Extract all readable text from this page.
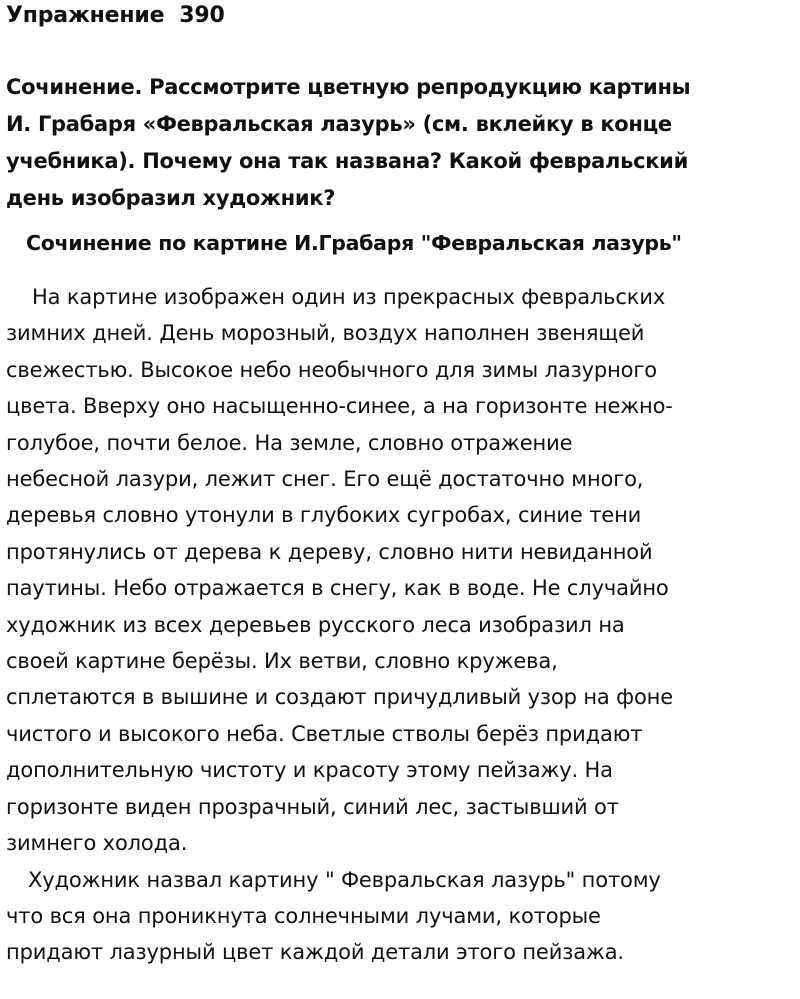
Упражнение  390
Сочинение. Рассмотрите цветную репродукцию картины
И. Грабаря «Февральская лазурь» (см. вклейку в конце
учебника). Почему она так названа? Какой февральский
день изобразил художник?
Сочинение по картине И.Грабаря "Февральская лазурь"
На картине изображен один из прекрасных февральских
зимних дней. День морозный, воздух наполнен звенящей
свежестью. Высокое небо необычного для зимы лазурного
цвета. Вверху оно насыщенно-синее, а на горизонте нежно-
голубое, почти белое. На земле, словно отражение
небесной лазури, лежит снег. Его ещё достаточно много,
деревья словно утонули в глубоких сугробах, синие тени
протянулись от дерева к дереву, словно нити невиданной
паутины. Небо отражается в снегу, как в воде. Не случайно
художник из всех деревьев русского леса изобразил на
своей картине берёзы. Их ветви, словно кружева,
сплетаются в вышине и создают причудливый узор на фоне
чистого и высокого неба. Светлые стволы берёз придают
дополнительную чистоту и красоту этому пейзажу. На
горизонте виден прозрачный, синий лес, застывший от
зимнего холода.
Художник назвал картину " Февральская лазурь" потому
что вся она проникнута солнечными лучами, которые
придают лазурный цвет каждой детали этого пейзажа.
